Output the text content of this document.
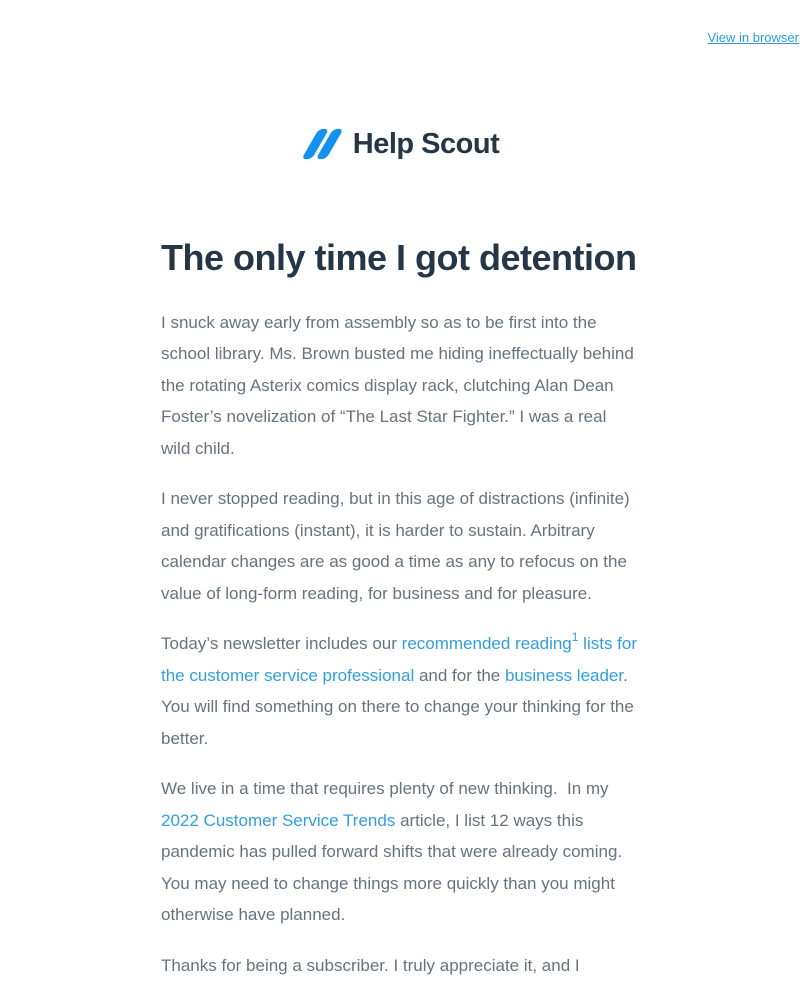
View in browser
Help Scout
The only time I got detention

I snuck away early from assembly so as to be first into the school library. Ms. Brown busted me hiding ineffectually behind the rotating Asterix comics display rack, clutching Alan Dean Foster’s novelization of “The Last Star Fighter.” I was a real wild child.

I never stopped reading, but in this age of distractions (infinite) and gratifications (instant), it is harder to sustain. Arbitrary calendar changes are as good a time as any to refocus on the value of long-form reading, for business and for pleasure.

Today’s newsletter includes our recommended reading$^1$ lists for the customer service professional and for the business leader. You will find something on there to change your thinking for the better.

We live in a time that requires plenty of new thinking.  In my 2022 Customer Service Trends article, I list 12 ways this pandemic has pulled forward shifts that were already coming. You may need to change things more quickly than you might otherwise have planned.

Thanks for being a subscriber. I truly appreciate it, and I
